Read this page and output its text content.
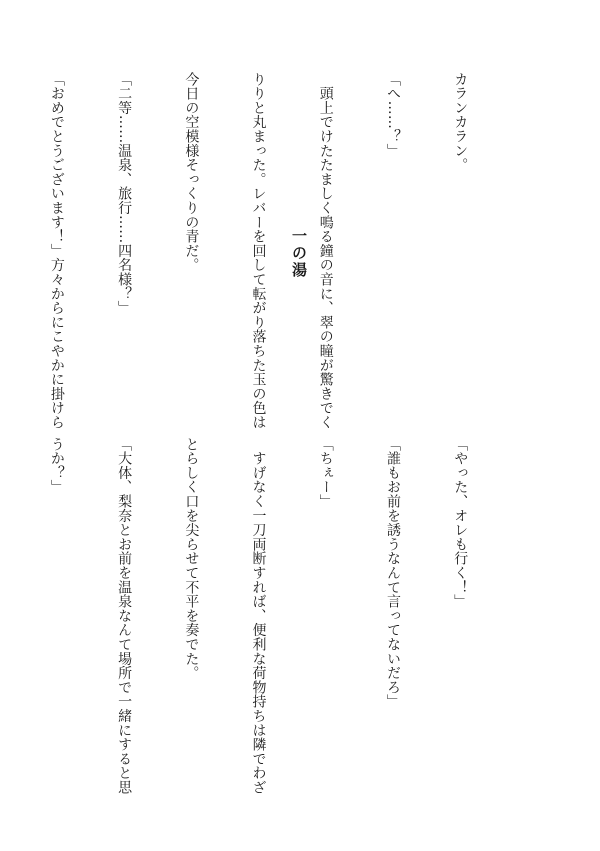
一の湯

カランカラン。

「へ……？」

　頭上でけたたましく鳴る鐘の音に、翠の瞳が驚きでく

りりと丸まった。レバーを回して転がり落ちた玉の色は

今日の空模様そっくりの青だ。

「二等……温泉、旅行……四名様？」

「おめでとうございます！」方々からにこやかに掛けら

「やった、オレも行く！」

「誰もお前を誘うなんて言ってないだろ」

「ちぇー」

　すげなく一刀両断すれば、便利な荷物持ちは隣でわざ

とらしく口を尖らせて不平を奏でた。

「大体、梨奈とお前を温泉なんて場所で一緒にすると思

うか？」
